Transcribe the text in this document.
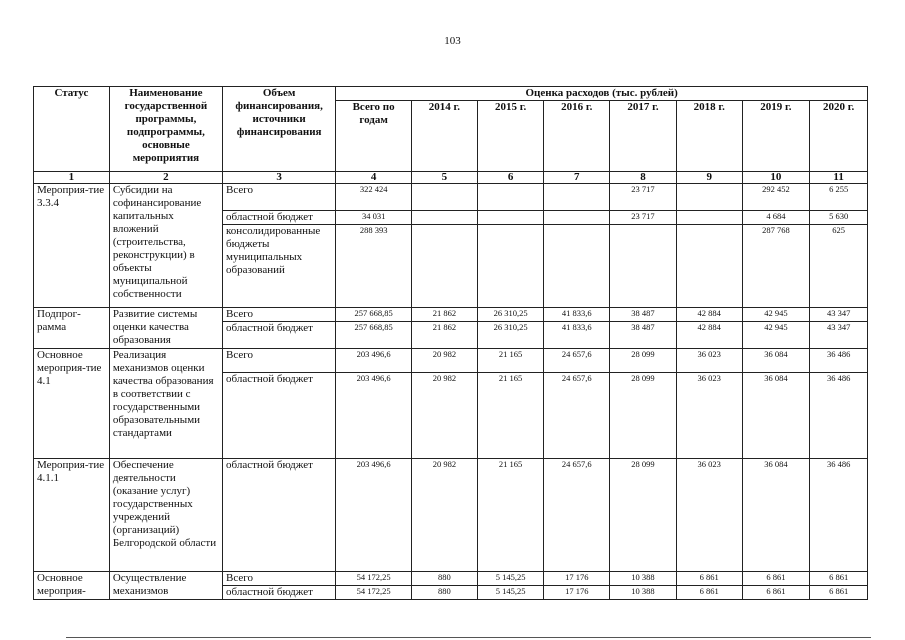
103
Статус	Наименование государственной программы, подпрограммы, основные мероприятия	Объем финансирования, источники финансирования	Оценка расходов (тыс. рублей)							
			Всего по годам	2014 г.	2015 г.	2016 г.	2017 г.	2018 г.	2019 г.	2020 г.
1	2	3	4	5	6	7	8	9	10	11
Мероприя-тие 3.3.4	Субсидии на софинансирование капитальных вложений (строительства, реконструкции) в объекты муниципальной собственности	Всего	322 424				23 717		292 452	6 255
		областной бюджет	34 031				23 717		4 684	5 630
		консолидированные бюджеты муниципальных образований	288 393						287 768	625
Подпрог-рамма	Развитие системы оценки качества образования	Всего	257 668,85	21 862	26 310,25	41 833,6	38 487	42 884	42 945	43 347
		областной бюджет	257 668,85	21 862	26 310,25	41 833,6	38 487	42 884	42 945	43 347
Основное мероприя-тие 4.1	Реализация механизмов оценки качества образования в соответствии с государственными образовательными стандартами	Всего	203 496,6	20 982	21 165	24 657,6	28 099	36 023	36 084	36 486
		областной бюджет	203 496,6	20 982	21 165	24 657,6	28 099	36 023	36 084	36 486
Мероприя-тие 4.1.1	Обеспечение деятельности (оказание услуг) государственных учреждений (организаций) Белгородской области	областной бюджет	203 496,6	20 982	21 165	24 657,6	28 099	36 023	36 084	36 486
Основное мероприя-	Осуществление механизмов	Всего	54 172,25	880	5 145,25	17 176	10 388	6 861	6 861	6 861
		областной бюджет	54 172,25	880	5 145,25	17 176	10 388	6 861	6 861	6 861
